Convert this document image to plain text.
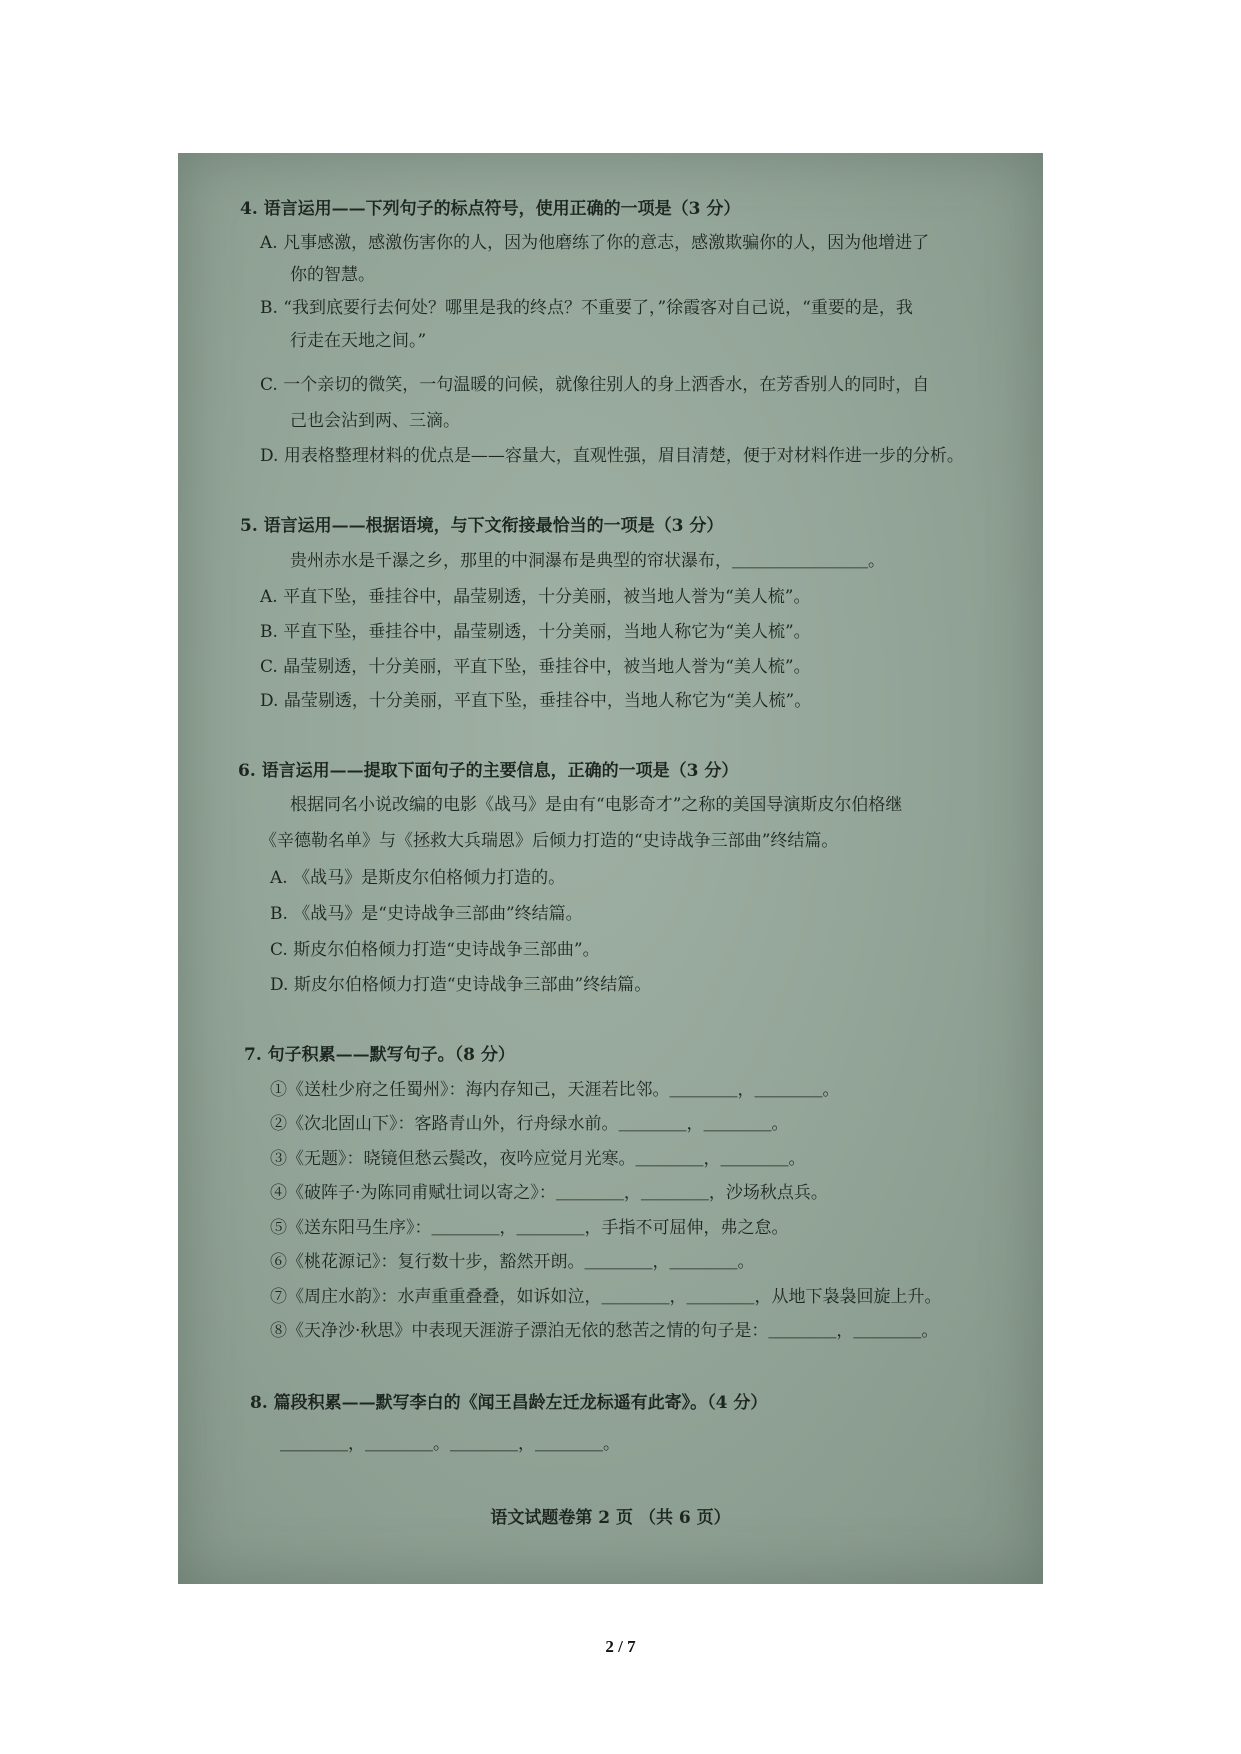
4. 语言运用——下列句子的标点符号，使用正确的一项是（3 分）
A. 凡事感激，感激伤害你的人，因为他磨练了你的意志，感激欺骗你的人，因为他增进了
你的智慧。
B. “我到底要行去何处？哪里是我的终点？不重要了，”徐霞客对自己说，“重要的是，我
行走在天地之间。”
C. 一个亲切的微笑，一句温暖的问候，就像往别人的身上洒香水，在芳香别人的同时，自
己也会沾到两、三滴。
D. 用表格整理材料的优点是——容量大，直观性强，眉目清楚，便于对材料作进一步的分析。
5. 语言运用——根据语境，与下文衔接最恰当的一项是（3 分）
贵州赤水是千瀑之乡，那里的中洞瀑布是典型的帘状瀑布，＿＿＿＿＿＿＿＿。
A. 平直下坠，垂挂谷中，晶莹剔透，十分美丽，被当地人誉为“美人梳”。
B. 平直下坠，垂挂谷中，晶莹剔透，十分美丽，当地人称它为“美人梳”。
C. 晶莹剔透，十分美丽，平直下坠，垂挂谷中，被当地人誉为“美人梳”。
D. 晶莹剔透，十分美丽，平直下坠，垂挂谷中，当地人称它为“美人梳”。
6. 语言运用——提取下面句子的主要信息，正确的一项是（3 分）
根据同名小说改编的电影《战马》是由有“电影奇才”之称的美国导演斯皮尔伯格继
《辛德勒名单》与《拯救大兵瑞恩》后倾力打造的“史诗战争三部曲”终结篇。
A. 《战马》是斯皮尔伯格倾力打造的。
B. 《战马》是“史诗战争三部曲”终结篇。
C. 斯皮尔伯格倾力打造“史诗战争三部曲”。
D. 斯皮尔伯格倾力打造“史诗战争三部曲”终结篇。
7. 句子积累——默写句子。（8 分）
①《送杜少府之任蜀州》：海内存知己，天涯若比邻。＿＿＿＿，＿＿＿＿。
②《次北固山下》：客路青山外，行舟绿水前。＿＿＿＿，＿＿＿＿。
③《无题》：晓镜但愁云鬓改，夜吟应觉月光寒。＿＿＿＿，＿＿＿＿。
④《破阵子·为陈同甫赋壮词以寄之》：＿＿＿＿，＿＿＿＿，沙场秋点兵。
⑤《送东阳马生序》：＿＿＿＿，＿＿＿＿，手指不可屈伸，弗之怠。
⑥《桃花源记》：复行数十步，豁然开朗。＿＿＿＿，＿＿＿＿。
⑦《周庄水韵》：水声重重叠叠，如诉如泣，＿＿＿＿，＿＿＿＿，从地下袅袅回旋上升。
⑧《天净沙·秋思》中表现天涯游子漂泊无依的愁苦之情的句子是：＿＿＿＿，＿＿＿＿。
8. 篇段积累——默写李白的《闻王昌龄左迁龙标遥有此寄》。（4 分）
＿＿＿＿，＿＿＿＿。＿＿＿＿，＿＿＿＿。
语文试题卷第 2 页 （共 6 页）
2 / 7
